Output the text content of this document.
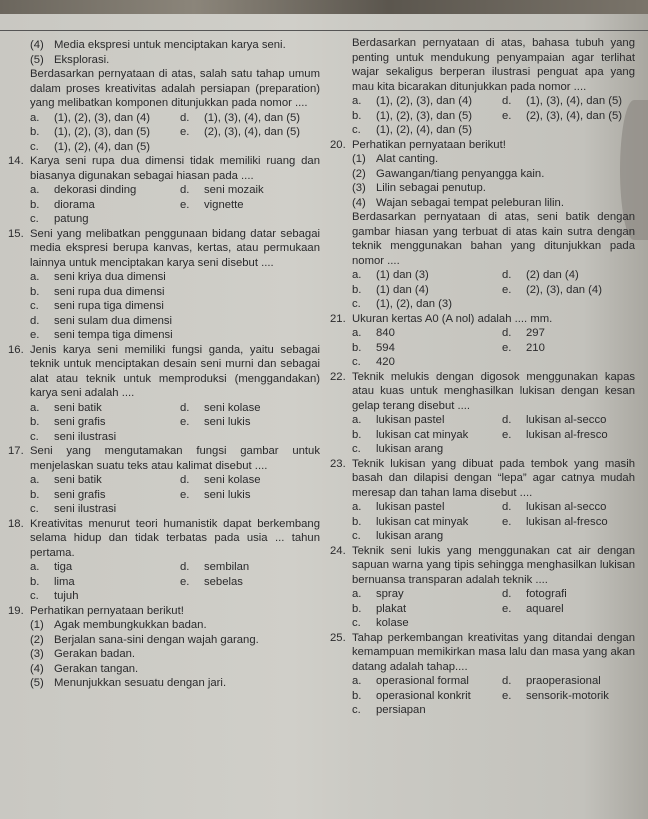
(4) Media ekspresi untuk menciptakan karya seni.
(5) Eksplorasi.
Berdasarkan pernyataan di atas, salah satu tahap umum dalam proses kreativitas adalah persiapan (preparation) yang melibatkan komponen ditunjukkan pada nomor ....
a.	(1), (2), (3), dan (4)	d.	(1), (3), (4), dan (5)
b.	(1), (2), (3), dan (5)	e.	(2), (3), (4), dan (5)
c.	(1), (2), (4), dan (5)
14. Karya seni rupa dua dimensi tidak memiliki ruang dan biasanya digunakan sebagai hiasan pada ....
a.	dekorasi dinding	d.	seni mozaik
b.	diorama	e.	vignette
c.	patung
15. Seni yang melibatkan penggunaan bidang datar sebagai media ekspresi berupa kanvas, kertas, atau permukaan lainnya untuk menciptakan karya seni disebut ....
a.	seni kriya dua dimensi
b.	seni rupa dua dimensi
c.	seni rupa tiga dimensi
d.	seni sulam dua dimensi
e.	seni tempa tiga dimensi
16. Jenis karya seni memiliki fungsi ganda, yaitu sebagai teknik untuk menciptakan desain seni murni dan sebagai alat atau teknik untuk memproduksi (menggandakan) karya seni adalah ....
a.	seni batik	d.	seni kolase
b.	seni grafis	e.	seni lukis
c.	seni ilustrasi
17. Seni yang mengutamakan fungsi gambar untuk menjelaskan suatu teks atau kalimat disebut ....
a.	seni batik	d.	seni kolase
b.	seni grafis	e.	seni lukis
c.	seni ilustrasi
18. Kreativitas menurut teori humanistik dapat berkembang selama hidup dan tidak terbatas pada usia ... tahun pertama.
a.	tiga	d.	sembilan
b.	lima	e.	sebelas
c.	tujuh
19. Perhatikan pernyataan berikut!
(1) Agak membungkukkan badan.
(2) Berjalan sana-sini dengan wajah garang.
(3) Gerakan badan.
(4) Gerakan tangan.
(5) Menunjukkan sesuatu dengan jari.
Berdasarkan pernyataan di atas, bahasa tubuh yang penting untuk mendukung penyampaian agar terlihat wajar sekaligus berperan ilustrasi penguat apa yang mau kita bicarakan ditunjukkan pada nomor ....
a.	(1), (2), (3), dan (4)	d.	(1), (3), (4), dan (5)
b.	(1), (2), (3), dan (5)	e.	(2), (3), (4), dan (5)
c.	(1), (2), (4), dan (5)
20. Perhatikan pernyataan berikut!
(1) Alat canting.
(2) Gawangan/tiang penyangga kain.
(3) Lilin sebagai penutup.
(4) Wajan sebagai tempat peleburan lilin.
Berdasarkan pernyataan di atas, seni batik dengan gambar hiasan yang terbuat di atas kain sutra dengan teknik menggunakan bahan yang ditunjukkan pada nomor ....
a.	(1) dan (3)	d.	(2) dan (4)
b.	(1) dan (4)	e.	(2), (3), dan (4)
c.	(1), (2), dan (3)
21. Ukuran kertas A0 (A nol) adalah .... mm.
a.	840	d.	297
b.	594	e.	210
c.	420
22. Teknik melukis dengan digosok menggunakan kapas atau kuas untuk menghasilkan lukisan dengan kesan gelap terang disebut ....
a.	lukisan pastel	d.	lukisan al-secco
b.	lukisan cat minyak	e.	lukisan al-fresco
c.	lukisan arang
23. Teknik lukisan yang dibuat pada tembok yang masih basah dan dilapisi dengan “lepa” agar catnya mudah meresap dan tahan lama disebut ....
a.	lukisan pastel	d.	lukisan al-secco
b.	lukisan cat minyak	e.	lukisan al-fresco
c.	lukisan arang
24. Teknik seni lukis yang menggunakan cat air dengan sapuan warna yang tipis sehingga menghasilkan lukisan bernuansa transparan adalah teknik ....
a.	spray	d.	fotografi
b.	plakat	e.	aquarel
c.	kolase
25. Tahap perkembangan kreativitas yang ditandai dengan kemampuan memikirkan masa lalu dan masa yang akan datang adalah tahap....
a.	operasional formal	d.	praoperasional
b.	operasional konkrit	e.	sensorik-motorik
c.	persiapan
